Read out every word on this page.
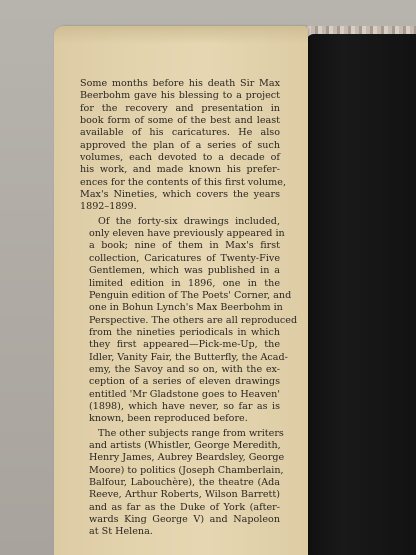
Some months before his death Sir Max
Beerbohm gave his blessing to a project
for the recovery and presentation in
book form of some of the best and least
available of his caricatures. He also
approved the plan of a series of such
volumes, each devoted to a decade of
his work, and made known his prefer-
ences for the contents of this first volume,
Max's Nineties, which covers the years
1892–1899.

Of the forty-six drawings included,
only eleven have previously appeared in
a book; nine of them in Max's first
collection, Caricatures of Twenty-Five
Gentlemen, which was published in a
limited edition in 1896, one in the
Penguin edition of The Poets' Corner, and
one in Bohun Lynch's Max Beerbohm in
Perspective. The others are all reproduced
from the nineties periodicals in which
they first appeared—Pick-me-Up, the
Idler, Vanity Fair, the Butterfly, the Acad-
emy, the Savoy and so on, with the ex-
ception of a series of eleven drawings
entitled 'Mr Gladstone goes to Heaven'
(1898), which have never, so far as is
known, been reproduced before.

The other subjects range from writers
and artists (Whistler, George Meredith,
Henry James, Aubrey Beardsley, George
Moore) to politics (Joseph Chamberlain,
Balfour, Labouchère), the theatre (Ada
Reeve, Arthur Roberts, Wilson Barrett)
and as far as the Duke of York (after-
wards King George V) and Napoleon
at St Helena.
